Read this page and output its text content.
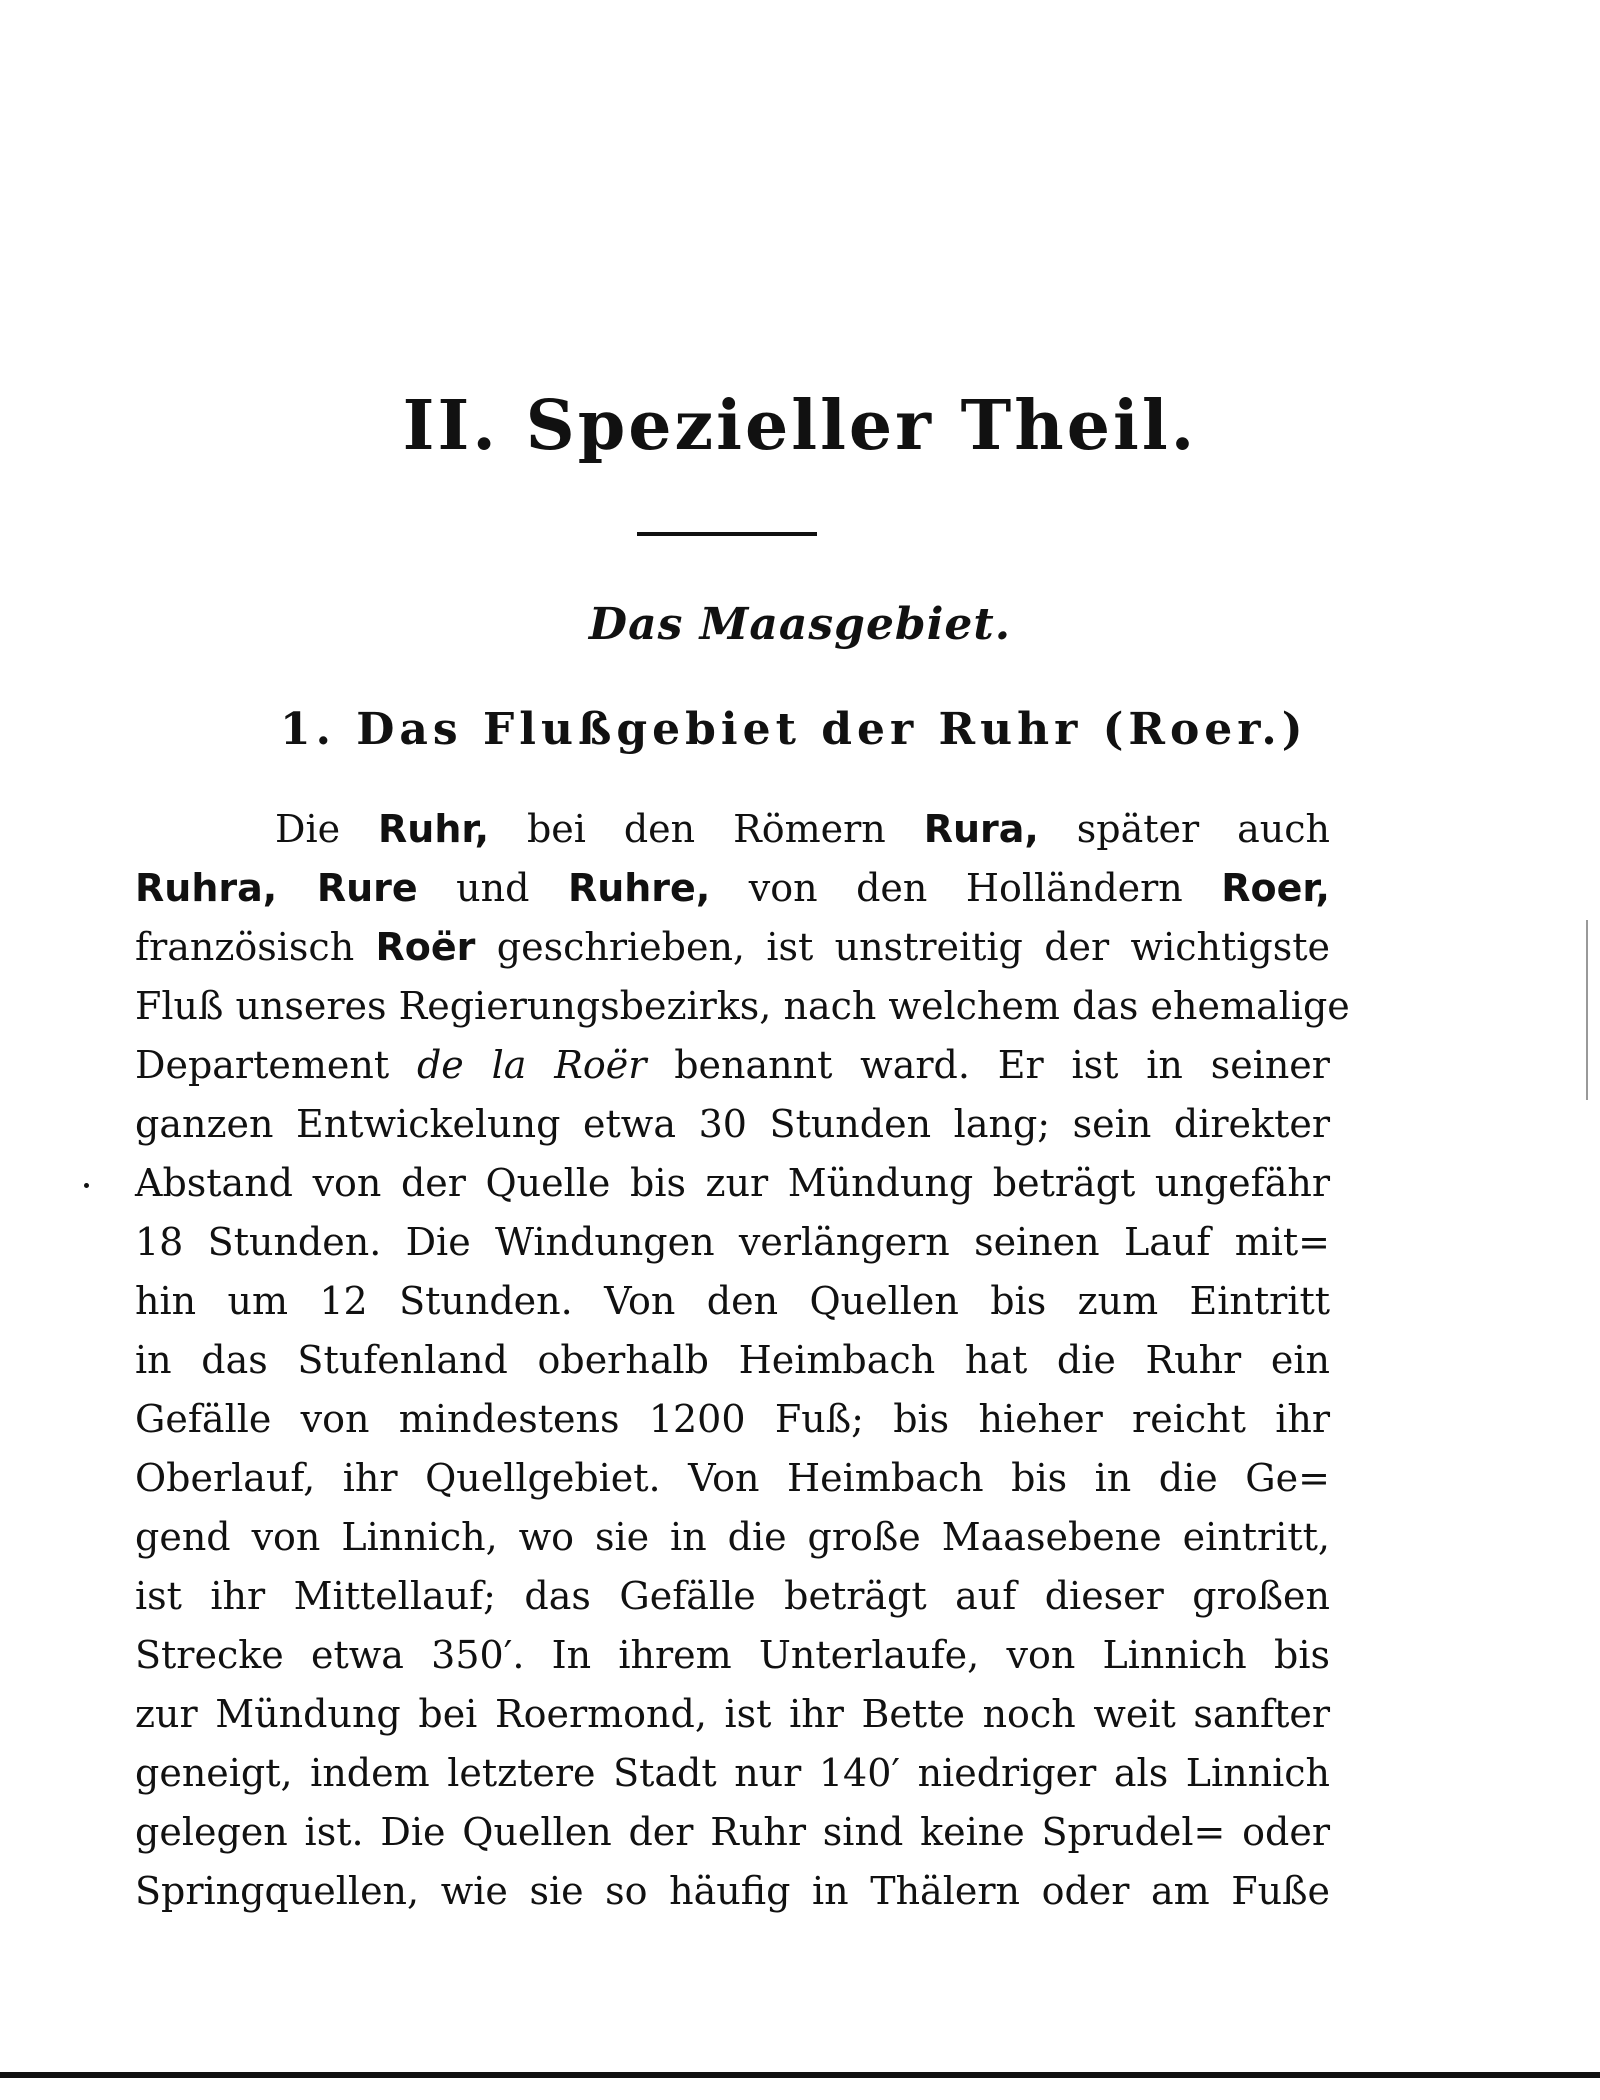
II. Spezieller Theil.
Das Maasgebiet.
1. Das Flußgebiet der Ruhr (Roer.)
Die Ruhr, bei den Römern Rura, später auch
Ruhra, Rure und Ruhre, von den Holländern Roer,
französisch Roër geschrieben, ist unstreitig der wichtigste
Fluß unseres Regierungsbezirks, nach welchem das ehemalige
Departement de la Roër benannt ward. Er ist in seiner
ganzen Entwickelung etwa 30 Stunden lang; sein direkter
Abstand von der Quelle bis zur Mündung beträgt ungefähr
18 Stunden. Die Windungen verlängern seinen Lauf mit=
hin um 12 Stunden. Von den Quellen bis zum Eintritt
in das Stufenland oberhalb Heimbach hat die Ruhr ein
Gefälle von mindestens 1200 Fuß; bis hieher reicht ihr
Oberlauf, ihr Quellgebiet. Von Heimbach bis in die Ge=
gend von Linnich, wo sie in die große Maasebene eintritt,
ist ihr Mittellauf; das Gefälle beträgt auf dieser großen
Strecke etwa 350′. In ihrem Unterlaufe, von Linnich bis
zur Mündung bei Roermond, ist ihr Bette noch weit sanfter
geneigt, indem letztere Stadt nur 140′ niedriger als Linnich
gelegen ist. Die Quellen der Ruhr sind keine Sprudel= oder
Springquellen, wie sie so häufig in Thälern oder am Fuße
